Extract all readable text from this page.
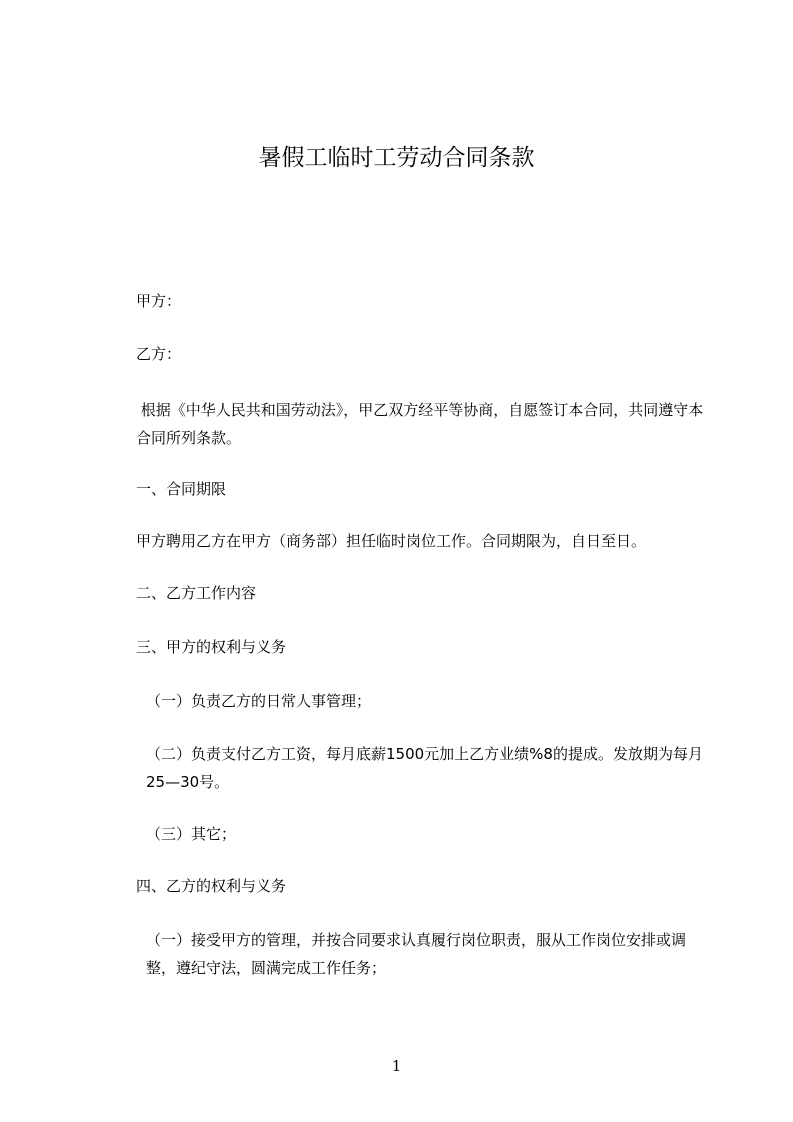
暑假工临时工劳动合同条款

甲方：

乙方：

根据《中华人民共和国劳动法》，甲乙双方经平等协商，自愿签订本合同，共同遵守本合同所列条款。

一、合同期限

甲方聘用乙方在甲方（商务部）担任临时岗位工作。合同期限为，自日至日。

二、乙方工作内容

三、甲方的权利与义务

（一）负责乙方的日常人事管理；

（二）负责支付乙方工资，每月底薪1500元加上乙方业绩%8的提成。发放期为每月25—30号。

（三）其它；

四、乙方的权利与义务

（一）接受甲方的管理，并按合同要求认真履行岗位职责，服从工作岗位安排或调整，遵纪守法，圆满完成工作任务；

1
